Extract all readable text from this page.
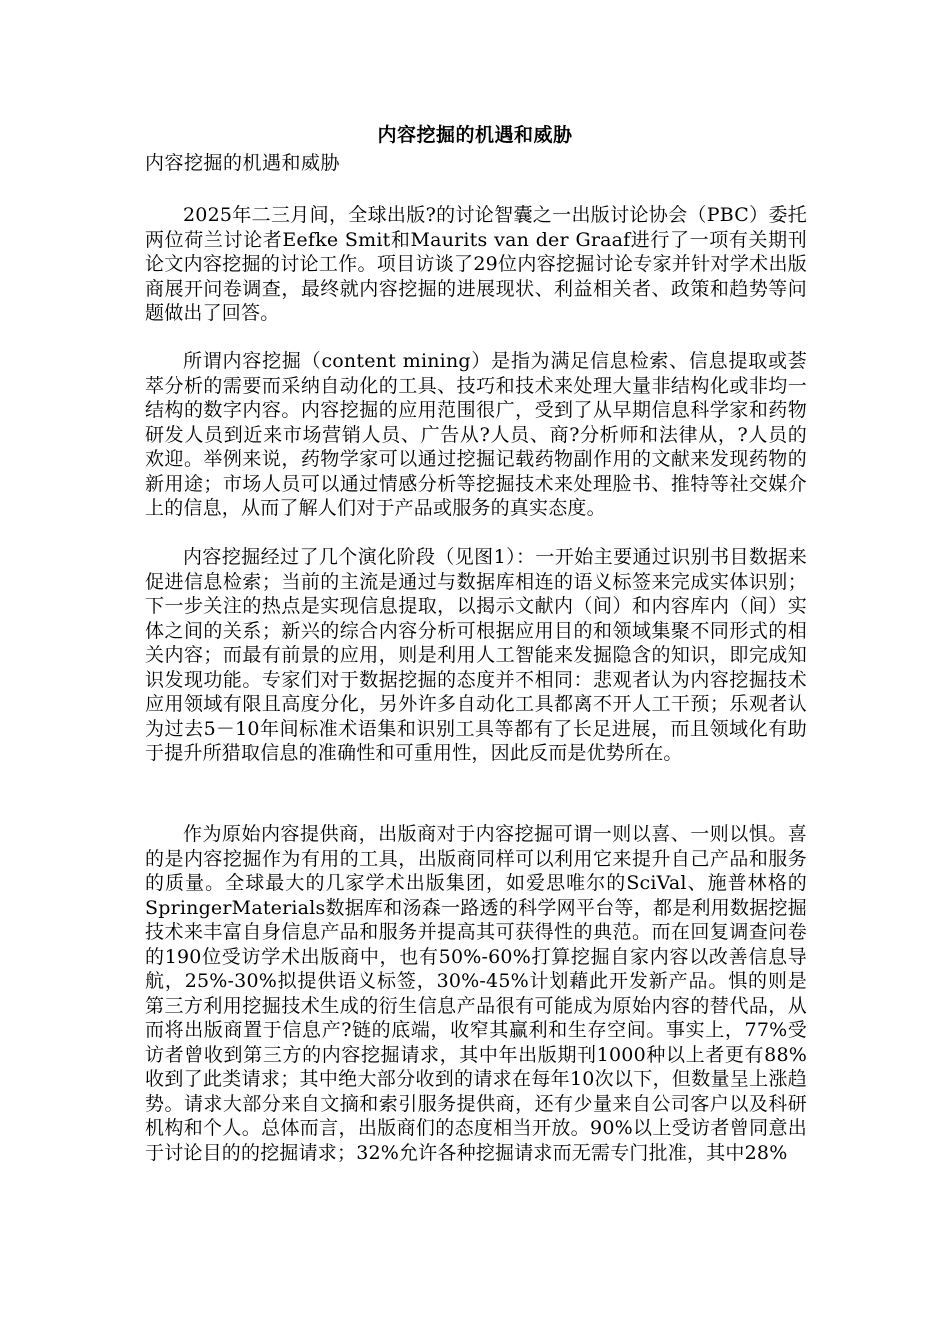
内容挖掘的机遇和威胁
内容挖掘的机遇和威胁

2025年二三月间，全球出版?的讨论智囊之一出版讨论协会（PBC）委托两位荷兰讨论者Eefke Smit和Maurits van der Graaf进行了一项有关期刊论文内容挖掘的讨论工作。项目访谈了29位内容挖掘讨论专家并针对学术出版商展开问卷调查，最终就内容挖掘的进展现状、利益相关者、政策和趋势等问题做出了回答。

所谓内容挖掘（content mining）是指为满足信息检索、信息提取或荟萃分析的需要而采纳自动化的工具、技巧和技术来处理大量非结构化或非均一结构的数字内容。内容挖掘的应用范围很广，受到了从早期信息科学家和药物研发人员到近来市场营销人员、广告从?人员、商?分析师和法律从，?人员的欢迎。举例来说，药物学家可以通过挖掘记载药物副作用的文献来发现药物的新用途；市场人员可以通过情感分析等挖掘技术来处理脸书、推特等社交媒介上的信息，从而了解人们对于产品或服务的真实态度。

内容挖掘经过了几个演化阶段（见图1）：一开始主要通过识别书目数据来促进信息检索；当前的主流是通过与数据库相连的语义标签来完成实体识别；下一步关注的热点是实现信息提取，以揭示文献内（间）和内容库内（间）实体之间的关系；新兴的综合内容分析可根据应用目的和领域集聚不同形式的相关内容；而最有前景的应用，则是利用人工智能来发掘隐含的知识，即完成知识发现功能。专家们对于数据挖掘的态度并不相同：悲观者认为内容挖掘技术应用领域有限且高度分化，另外许多自动化工具都离不开人工干预；乐观者认为过去5－10年间标准术语集和识别工具等都有了长足进展，而且领域化有助于提升所猎取信息的准确性和可重用性，因此反而是优势所在。

作为原始内容提供商，出版商对于内容挖掘可谓一则以喜、一则以惧。喜的是内容挖掘作为有用的工具，出版商同样可以利用它来提升自己产品和服务的质量。全球最大的几家学术出版集团，如爱思唯尔的SciVal、施普林格的SpringerMaterials数据库和汤森一路透的科学网平台等，都是利用数据挖掘技术来丰富自身信息产品和服务并提高其可获得性的典范。而在回复调查问卷的190位受访学术出版商中，也有50%-60%打算挖掘自家内容以改善信息导航，25%-30%拟提供语义标签，30%-45%计划藉此开发新产品。惧的则是第三方利用挖掘技术生成的衍生信息产品很有可能成为原始内容的替代品，从而将出版商置于信息产?链的底端，收窄其赢利和生存空间。事实上，77%受访者曾收到第三方的内容挖掘请求，其中年出版期刊1000种以上者更有88%收到了此类请求；其中绝大部分收到的请求在每年10次以下，但数量呈上涨趋势。请求大部分来自文摘和索引服务提供商，还有少量来自公司客户以及科研机构和个人。总体而言，出版商们的态度相当开放。90%以上受访者曾同意出于讨论目的的挖掘请求；32%允许各种挖掘请求而无需专门批准，其中28%
